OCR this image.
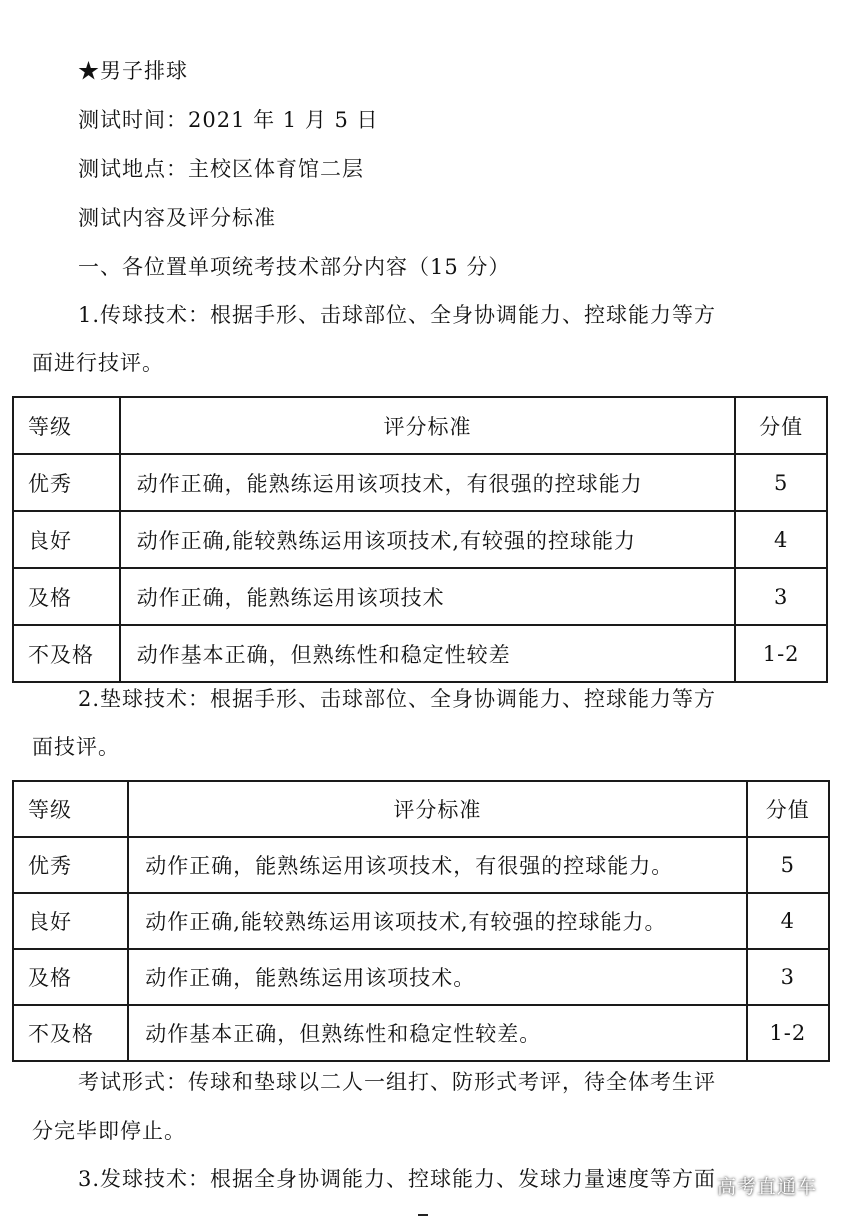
★男子排球
测试时间：2021 年 1 月 5 日
测试地点：主校区体育馆二层
测试内容及评分标准
一、各位置单项统考技术部分内容（15 分）
1.传球技术：根据手形、击球部位、全身协调能力、控球能力等方
面进行技评。
等级	评分标准	分值
优秀	动作正确，能熟练运用该项技术，有很强的控球能力	5
良好	动作正确,能较熟练运用该项技术,有较强的控球能力	4
及格	动作正确，能熟练运用该项技术	3
不及格	动作基本正确，但熟练性和稳定性较差	1-2
2.垫球技术：根据手形、击球部位、全身协调能力、控球能力等方
面技评。
等级	评分标准	分值
优秀	动作正确，能熟练运用该项技术，有很强的控球能力。	5
良好	动作正确,能较熟练运用该项技术,有较强的控球能力。	4
及格	动作正确，能熟练运用该项技术。	3
不及格	动作基本正确，但熟练性和稳定性较差。	1-2
考试形式：传球和垫球以二人一组打、防形式考评，待全体考生评
分完毕即停止。
3.发球技术：根据全身协调能力、控球能力、发球力量速度等方面 高考直通车
